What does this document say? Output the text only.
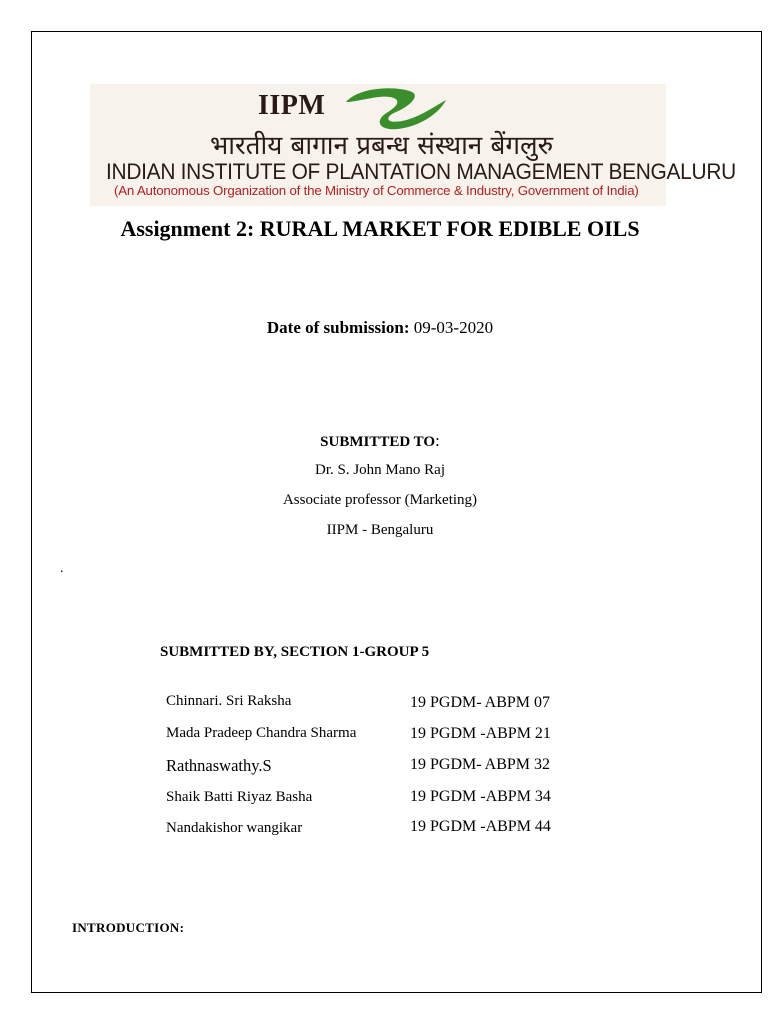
IIPM
भारतीय बागान प्रबन्ध संस्थान बेंगलुरु
INDIAN INSTITUTE OF PLANTATION MANAGEMENT BENGALURU
(An Autonomous Organization of the Ministry of Commerce & Industry, Government of India)
Assignment 2: RURAL MARKET FOR EDIBLE OILS
Date of submission: 09-03-2020
SUBMITTED TO:
Dr. S. John Mano Raj
Associate professor (Marketing)
IIPM - Bengaluru
.
SUBMITTED BY, SECTION 1-GROUP 5
Chinnari. Sri Raksha	19 PGDM- ABPM 07
Mada Pradeep Chandra Sharma	19 PGDM -ABPM 21
Rathnaswathy.S	19 PGDM- ABPM 32
Shaik Batti Riyaz Basha	19 PGDM -ABPM 34
Nandakishor wangikar	19 PGDM -ABPM 44
INTRODUCTION:
